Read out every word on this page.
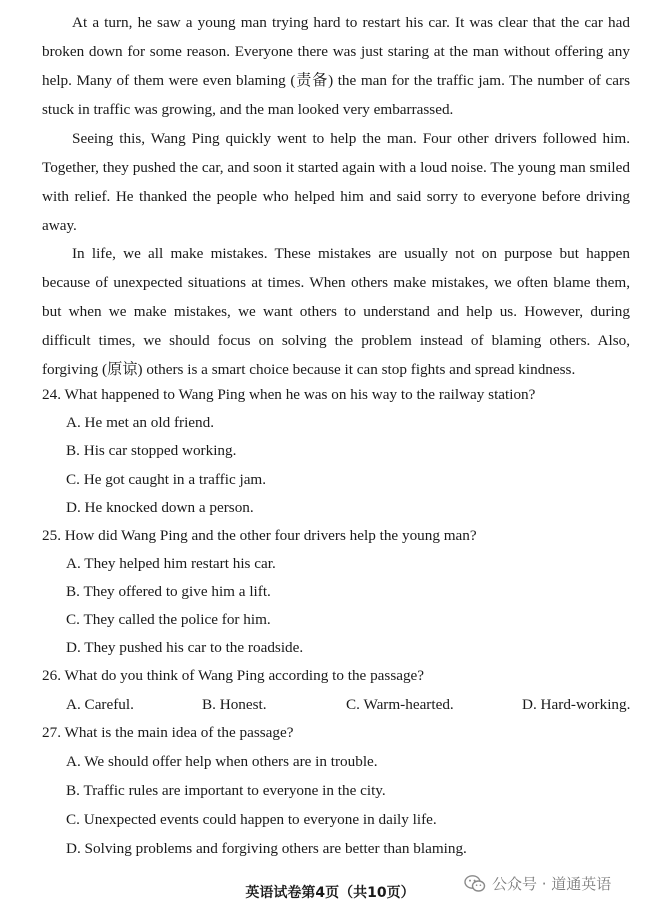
At a turn, he saw a young man trying hard to restart his car. It was clear that the car had broken down for some reason. Everyone there was just staring at the man without offering any help. Many of them were even blaming (责备) the man for the traffic jam. The number of cars stuck in traffic was growing, and the man looked very embarrassed.

Seeing this, Wang Ping quickly went to help the man. Four other drivers followed him. Together, they pushed the car, and soon it started again with a loud noise. The young man smiled with relief. He thanked the people who helped him and said sorry to everyone before driving away.

In life, we all make mistakes. These mistakes are usually not on purpose but happen because of unexpected situations at times. When others make mistakes, we often blame them, but when we make mistakes, we want others to understand and help us. However, during difficult times, we should focus on solving the problem instead of blaming others. Also, forgiving (原谅) others is a smart choice because it can stop fights and spread kindness.

24. What happened to Wang Ping when he was on his way to the railway station?

A. He met an old friend.

B. His car stopped working.

C. He got caught in a traffic jam.

D. He knocked down a person.

25. How did Wang Ping and the other four drivers help the young man?

A. They helped him restart his car.

B. They offered to give him a lift.

C. They called the police for him.

D. They pushed his car to the roadside.

26. What do you think of Wang Ping according to the passage?

A. Careful.	B. Honest.	C. Warm-hearted.	D. Hard-working.

27. What is the main idea of the passage?

A. We should offer help when others are in trouble.

B. Traffic rules are important to everyone in the city.

C. Unexpected events could happen to everyone in daily life.

D. Solving problems and forgiving others are better than blaming.

英语试卷第4页（共10页）	公众号 · 道通英语
